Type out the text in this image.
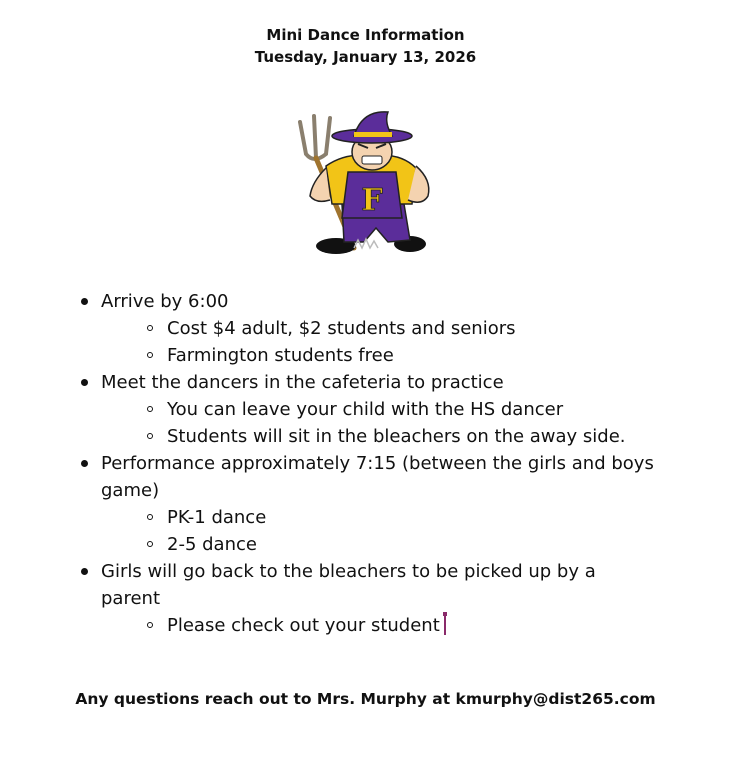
Mini Dance Information
Tuesday, January 13, 2026
F
Arrive by 6:00
Cost $4 adult, $2 students and seniors
Farmington students free
Meet the dancers in the cafeteria to practice
You can leave your child with the HS dancer
Students will sit in the bleachers on the away side.
Performance approximately 7:15 (between the girls and boys game)
PK-1 dance
2-5 dance
Girls will go back to the bleachers to be picked up by a parent
Please check out your student
Any questions reach out to Mrs. Murphy at kmurphy@dist265.com
